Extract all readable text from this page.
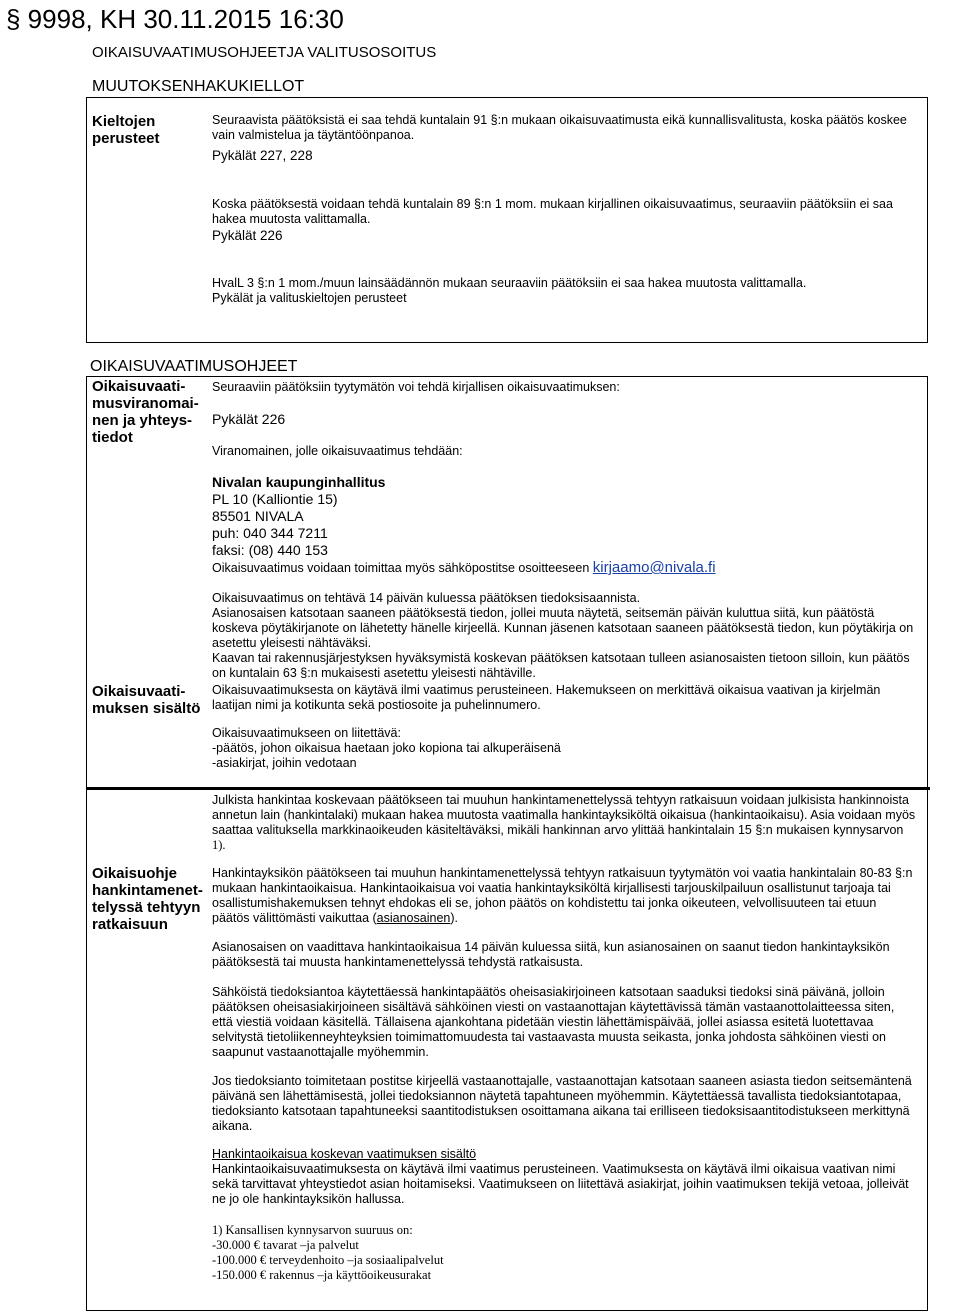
§ 9998, KH 30.11.2015 16:30
OIKAISUVAATIMUSOHJEETJA VALITUSOSOITUS
MUUTOKSENHAKUKIELLOT
Kieltojen perusteet
Seuraavista päätöksistä ei saa tehdä kuntalain 91 §:n mukaan oikaisuvaatimusta eikä kunnallisvalitusta, koska päätös koskee vain valmistelua ja täytäntöönpanoa.
Pykälät 227, 228
Koska päätöksestä voidaan tehdä kuntalain 89 §:n 1 mom. mukaan kirjallinen oikaisuvaatimus, seuraaviin päätöksiin ei saa hakea muutosta valittamalla.
Pykälät 226
HvalL 3 §:n 1 mom./muun lainsäädännön mukaan seuraaviin päätöksiin ei saa hakea muutosta valittamalla.
Pykälät ja valituskieltojen perusteet
OIKAISUVAATIMUSOHJEET
Oikaisuvaati-
musviranomai-
nen ja yhteys-
tiedot
Seuraaviin päätöksiin tyytymätön voi tehdä kirjallisen oikaisuvaatimuksen:
Pykälät 226
Viranomainen, jolle oikaisuvaatimus tehdään:
Nivalan kaupunginhallitus
PL 10 (Kalliontie 15)
85501 NIVALA
puh: 040 344 7211
faksi: (08) 440 153
Oikaisuvaatimus voidaan toimittaa myös sähköpostitse osoitteeseen kirjaamo@nivala.fi
Oikaisuvaatimus on tehtävä 14 päivän kuluessa päätöksen tiedoksisaannista.
Asianosaisen katsotaan saaneen päätöksestä tiedon, jollei muuta näytetä, seitsemän päivän kuluttua siitä, kun päätöstä koskeva pöytäkirjanote on lähetetty hänelle kirjeellä. Kunnan jäsenen katsotaan saaneen päätöksestä tiedon, kun pöytäkirja on asetettu yleisesti nähtäväksi.
Kaavan tai rakennusjärjestyksen hyväksymistä koskevan päätöksen katsotaan tulleen asianosaisten tietoon silloin, kun päätös on kuntalain 63 §:n mukaisesti asetettu yleisesti nähtäville.
Oikaisuvaati-
muksen sisältö
Oikaisuvaatimuksesta on käytävä ilmi vaatimus perusteineen. Hakemukseen on merkittävä oikaisua vaativan ja kirjelmän laatijan nimi ja kotikunta sekä postiosoite ja puhelinnumero.
Oikaisuvaatimukseen on liitettävä:
-päätös, johon oikaisua haetaan joko kopiona tai alkuperäisenä
-asiakirjat, joihin vedotaan
Oikaisuohje
hankintamenet-
telyssä tehtyyn
ratkaisuun
Julkista hankintaa koskevaan päätökseen tai muuhun hankintamenettelyssä tehtyyn ratkaisuun voidaan julkisista hankinnoista annetun lain (hankintalaki) mukaan hakea muutosta vaatimalla hankintayksiköltä oikaisua (hankintaoikaisu). Asia voidaan myös saattaa valituksella markkinaoikeuden käsiteltäväksi, mikäli hankinnan arvo ylittää hankintalain 15 §:n mukaisen kynnysarvon 1).
Hankintayksikön päätökseen tai muuhun hankintamenettelyssä tehtyyn ratkaisuun tyytymätön voi vaatia hankintalain 80-83 §:n mukaan hankintaoikaisua. Hankintaoikaisua voi vaatia hankintayksiköltä kirjallisesti tarjouskilpailuun osallistunut tarjoaja tai osallistumishakemuksen tehnyt ehdokas eli se, johon päätös on kohdistettu tai jonka oikeuteen, velvollisuuteen tai etuun päätös välittömästi vaikuttaa (asianosainen).
Asianosaisen on vaadittava hankintaoikaisua 14 päivän kuluessa siitä, kun asianosainen on saanut tiedon hankintayksikön päätöksestä tai muusta hankintamenettelyssä tehdystä ratkaisusta.
Sähköistä tiedoksiantoa käytettäessä hankintapäätös oheisasiakirjoineen katsotaan saaduksi tiedoksi sinä päivänä, jolloin päätöksen oheisasiakirjoineen sisältävä sähköinen viesti on vastaanottajan käytettävissä tämän vastaanottolaitteessa siten, että viestiä voidaan käsitellä. Tällaisena ajankohtana pidetään viestin lähettämispäivää, jollei asiassa esitetä luotettavaa selvitystä tietoliikenneyhteyksien toimimattomuudesta tai vastaavasta muusta seikasta, jonka johdosta sähköinen viesti on saapunut vastaanottajalle myöhemmin.
Jos tiedoksianto toimitetaan postitse kirjeellä vastaanottajalle, vastaanottajan katsotaan saaneen asiasta tiedon seitsemäntenä päivänä sen lähettämisestä, jollei tiedoksiannon näytetä tapahtuneen myöhemmin. Käytettäessä tavallista tiedoksiantotapaa, tiedoksianto katsotaan tapahtuneeksi saantitodistuksen osoittamana aikana tai erilliseen tiedoksisaantitodistukseen merkittynä aikana.
Hankintaoikaisua koskevan vaatimuksen sisältö
Hankintaoikaisuvaatimuksesta on käytävä ilmi vaatimus perusteineen. Vaatimuksesta on käytävä ilmi oikaisua vaativan nimi sekä tarvittavat yhteystiedot asian hoitamiseksi. Vaatimukseen on liitettävä asiakirjat, joihin vaatimuksen tekijä vetoaa, jolleivät ne jo ole hankintayksikön hallussa.
1) Kansallisen kynnysarvon suuruus on:
-30.000 € tavarat –ja palvelut
-100.000 € terveydenhoito –ja sosiaalipalvelut
-150.000 € rakennus –ja käyttöoikeusurakat
